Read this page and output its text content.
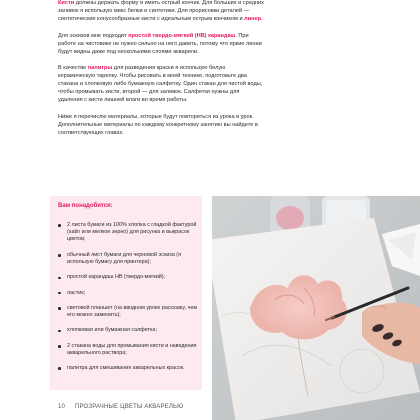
Кисти должны держать форму и иметь острый кончик. Для больших и средних заливок я использую микс белки и синтетики. Для прорисовки деталей — синтетические конусообразные кисти с идеальным острым кончиком и линер.

Для эскизов мне подходит простой твердо-мягкий (HB) карандаш. При работе на чистовике не нужно сильно на него давить, потому что яркие линии будут видны даже под несколькими слоями акварели.

В качестве палитры для разведения краски я использую белую керамическую тарелку. Чтобы рисовать в моей технике, подготовьте два стакана и хлопковую либо бумажную салфетку. Один стакан для чистой воды, чтобы промывать кисти, второй — для заливок. Салфетки нужны для удаления с кисти лишней влаги во время работы.

Ниже я перечислю материалы, которые будут повторяться из урока в урок. Дополнительные материалы по каждому конкретному занятию вы найдете в соответствующих главах.

Вам понадобится:
2 листа бумаги из 100% хлопка с гладкой фактурой (satin или мелкое зерно) для рисунка и выкрасок цветов;
обычный лист бумаги для черновой эскиза (я использую бумагу для принтера);
простой карандаш HB (твердо-мягкий);
ластик;
световой планшет (на вводном уроке расскажу, чем его можно заменить);
хлопковая или бумажная салфетка;
2 стакана воды для промывания кисти и наведения акварельного раствора;
палитра для смешивания акварельных красок.
10 ПРОЗРАЧНЫЕ ЦВЕТЫ АКВАРЕЛЬЮ
